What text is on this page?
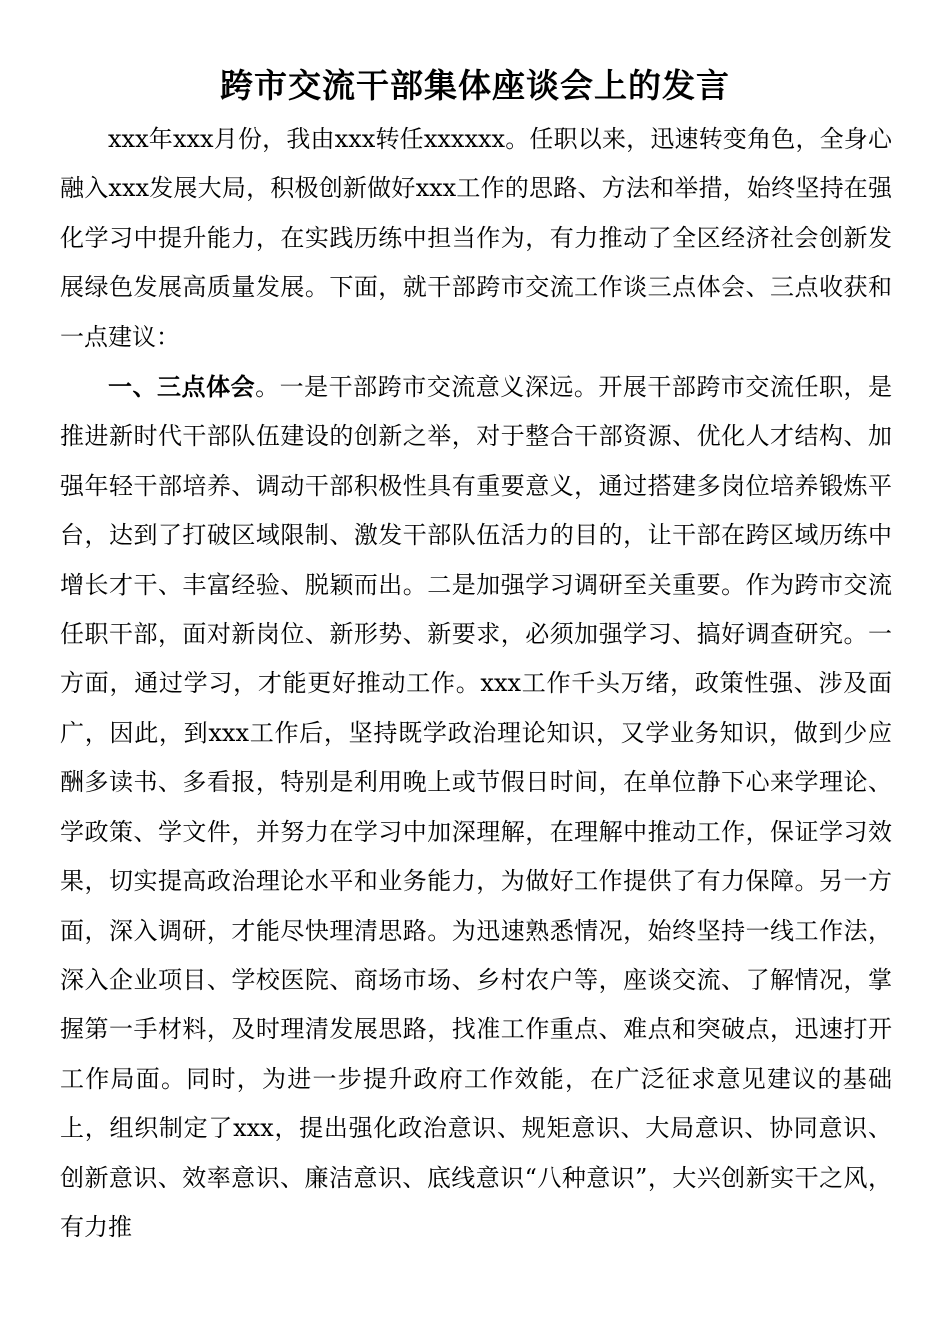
跨市交流干部集体座谈会上的发言

xxx年xxx月份，我由xxx转任xxxxxx。任职以来，迅速转变角色，全身心融入xxx发展大局，积极创新做好xxx工作的思路、方法和举措，始终坚持在强化学习中提升能力，在实践历练中担当作为，有力推动了全区经济社会创新发展绿色发展高质量发展。下面，就干部跨市交流工作谈三点体会、三点收获和一点建议：

一、三点体会。一是干部跨市交流意义深远。开展干部跨市交流任职，是推进新时代干部队伍建设的创新之举，对于整合干部资源、优化人才结构、加强年轻干部培养、调动干部积极性具有重要意义，通过搭建多岗位培养锻炼平台，达到了打破区域限制、激发干部队伍活力的目的，让干部在跨区域历练中增长才干、丰富经验、脱颖而出。二是加强学习调研至关重要。作为跨市交流任职干部，面对新岗位、新形势、新要求，必须加强学习、搞好调查研究。一方面，通过学习，才能更好推动工作。xxx工作千头万绪，政策性强、涉及面广，因此，到xxx工作后，坚持既学政治理论知识，又学业务知识，做到少应酬多读书、多看报，特别是利用晚上或节假日时间，在单位静下心来学理论、学政策、学文件，并努力在学习中加深理解，在理解中推动工作，保证学习效果，切实提高政治理论水平和业务能力，为做好工作提供了有力保障。另一方面，深入调研，才能尽快理清思路。为迅速熟悉情况，始终坚持一线工作法，深入企业项目、学校医院、商场市场、乡村农户等，座谈交流、了解情况，掌握第一手材料，及时理清发展思路，找准工作重点、难点和突破点，迅速打开工作局面。同时，为进一步提升政府工作效能，在广泛征求意见建议的基础上，组织制定了xxx，提出强化政治意识、规矩意识、大局意识、协同意识、创新意识、效率意识、廉洁意识、底线意识“八种意识”，大兴创新实干之风，有力推
